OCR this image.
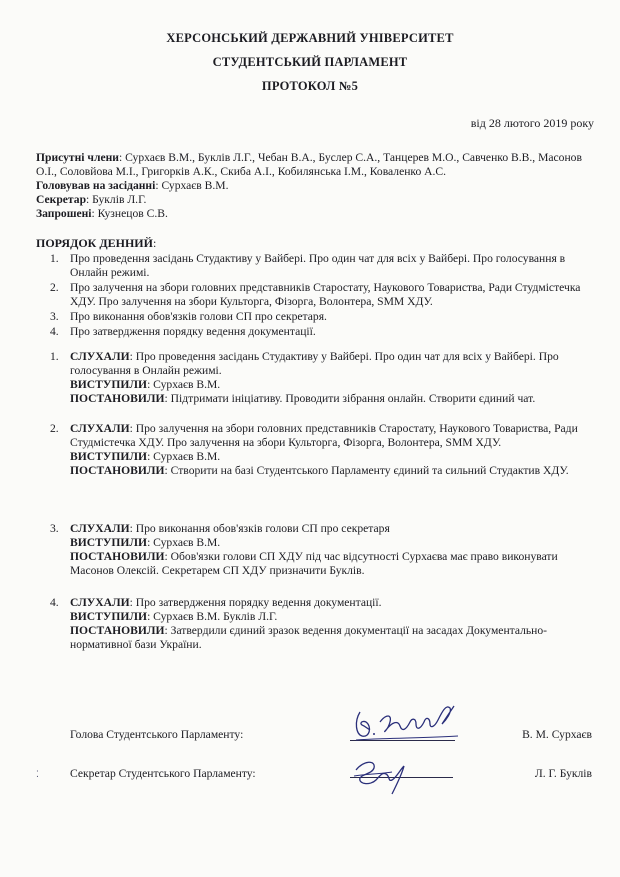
ХЕРСОНСЬКИЙ ДЕРЖАВНИЙ УНІВЕРСИТЕТ
СТУДЕНТСЬКИЙ ПАРЛАМЕНТ
ПРОТОКОЛ №5
від 28 лютого 2019 року

Присутні члени: Сурхаєв В.М., Буклів Л.Г., Чебан В.А., Буслер С.А., Танцерев М.О., Савченко В.В., Масонов О.І., Соловйова М.І., Григорків А.К., Скиба А.І., Кобилянська І.М., Коваленко А.С.

Головував на засіданні: Сурхаєв В.М.

Секретар: Буклів Л.Г.

Запрошені: Кузнецов С.В.

ПОРЯДОК ДЕННИЙ:
1. Про проведення засідань Студактиву у Вайбері. Про один чат для всіх у Вайбері. Про голосування в Онлайн режимі.
2. Про залучення на збори головних представників Старостату, Наукового Товариства, Ради Студмістечка ХДУ. Про залучення на збори Культорга, Фізорга, Волонтера, SMM ХДУ.
3. Про виконання обов'язків голови СП про секретаря.
4. Про затвердження порядку ведення документації.
1. СЛУХАЛИ: Про проведення засідань Студактиву у Вайбері. Про один чат для всіх у Вайбері. Про голосування в Онлайн режимі.

ВИСТУПИЛИ: Сурхаєв В.М.

ПОСТАНОВИЛИ: Підтримати ініціативу. Проводити зібрання онлайн. Створити єдиний чат.

2. СЛУХАЛИ: Про залучення на збори головних представників Старостату, Наукового Товариства, Ради Студмістечка ХДУ. Про залучення на збори Культорга, Фізорга, Волонтера, SMM ХДУ.

ВИСТУПИЛИ: Сурхаєв В.М.

ПОСТАНОВИЛИ: Створити на базі Студентського Парламенту єдиний та сильний Студактив ХДУ.

3. СЛУХАЛИ: Про виконання обов'язків голови СП про секретаря

ВИСТУПИЛИ: Сурхаєв В.М.

ПОСТАНОВИЛИ: Обов'язки голови СП ХДУ під час відсутності Сурхаєва має право виконувати Масонов Олексій. Секретарем СП ХДУ призначити Буклів.

4. СЛУХАЛИ: Про затвердження порядку ведення документації.

ВИСТУПИЛИ: Сурхаєв В.М. Буклів Л.Г.

ПОСТАНОВИЛИ: Затвердили єдиний зразок ведення документації на засадах Документально-нормативної бази України.

Голова Студентського Парламенту:	В. М. Сурхаєв
Секретар Студентського Парламенту:	Л. Г. Буклів
⁚
